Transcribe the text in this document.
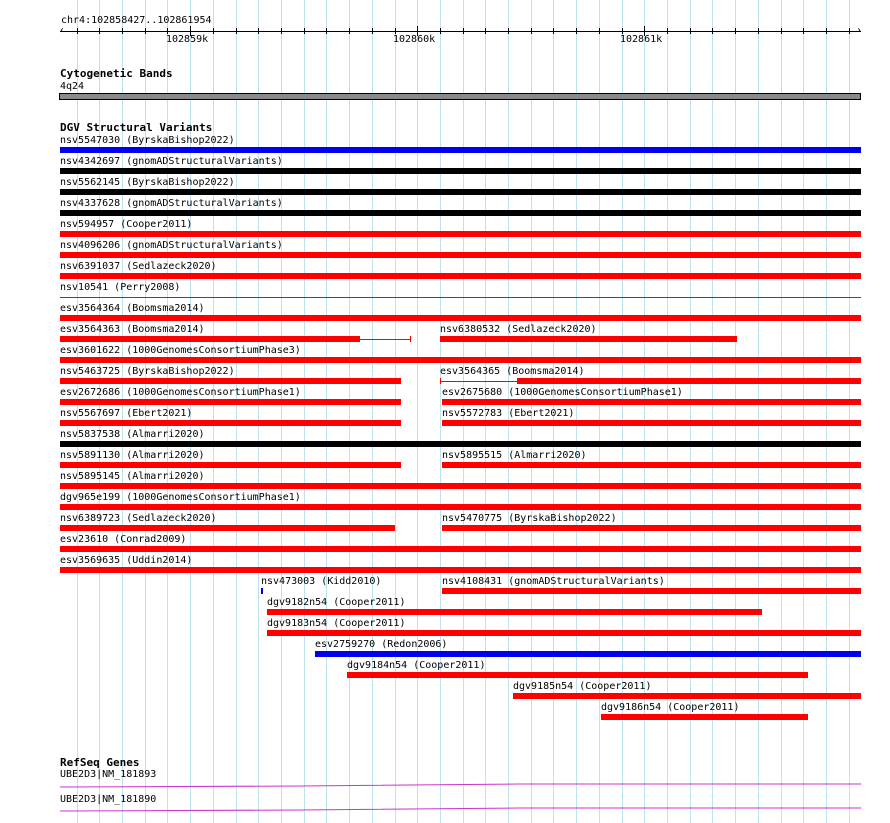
chr4:102858427..102861954
›
102859k	102860k	102861k
Cytogenetic Bands
4q24
DGV Structural Variants
nsv5547030 (ByrskaBishop2022)
nsv4342697 (gnomADStructuralVariants)
nsv5562145 (ByrskaBishop2022)
nsv4337628 (gnomADStructuralVariants)
nsv594957 (Cooper2011)
nsv4096206 (gnomADStructuralVariants)
nsv6391037 (Sedlazeck2020)
nsv10541 (Perry2008)
esv3564364 (Boomsma2014)
esv3564363 (Boomsma2014)	nsv6380532 (Sedlazeck2020)
esv3601622 (1000GenomesConsortiumPhase3)
nsv5463725 (ByrskaBishop2022)	esv3564365 (Boomsma2014)
esv2672686 (1000GenomesConsortiumPhase1)	esv2675680 (1000GenomesConsortiumPhase1)
nsv5567697 (Ebert2021)	nsv5572783 (Ebert2021)
nsv5837538 (Almarri2020)
nsv5891130 (Almarri2020)	nsv5895515 (Almarri2020)
nsv5895145 (Almarri2020)
dgv965e199 (1000GenomesConsortiumPhase1)
nsv6389723 (Sedlazeck2020)	nsv5470775 (ByrskaBishop2022)
esv23610 (Conrad2009)
esv3569635 (Uddin2014)
nsv473003 (Kidd2010)	nsv4108431 (gnomADStructuralVariants)
dgv9182n54 (Cooper2011)
dgv9183n54 (Cooper2011)
esv2759270 (Redon2006)
dgv9184n54 (Cooper2011)
dgv9185n54 (Cooper2011)
dgv9186n54 (Cooper2011)
RefSeq Genes
UBE2D3|NM_181893
UBE2D3|NM_181890
